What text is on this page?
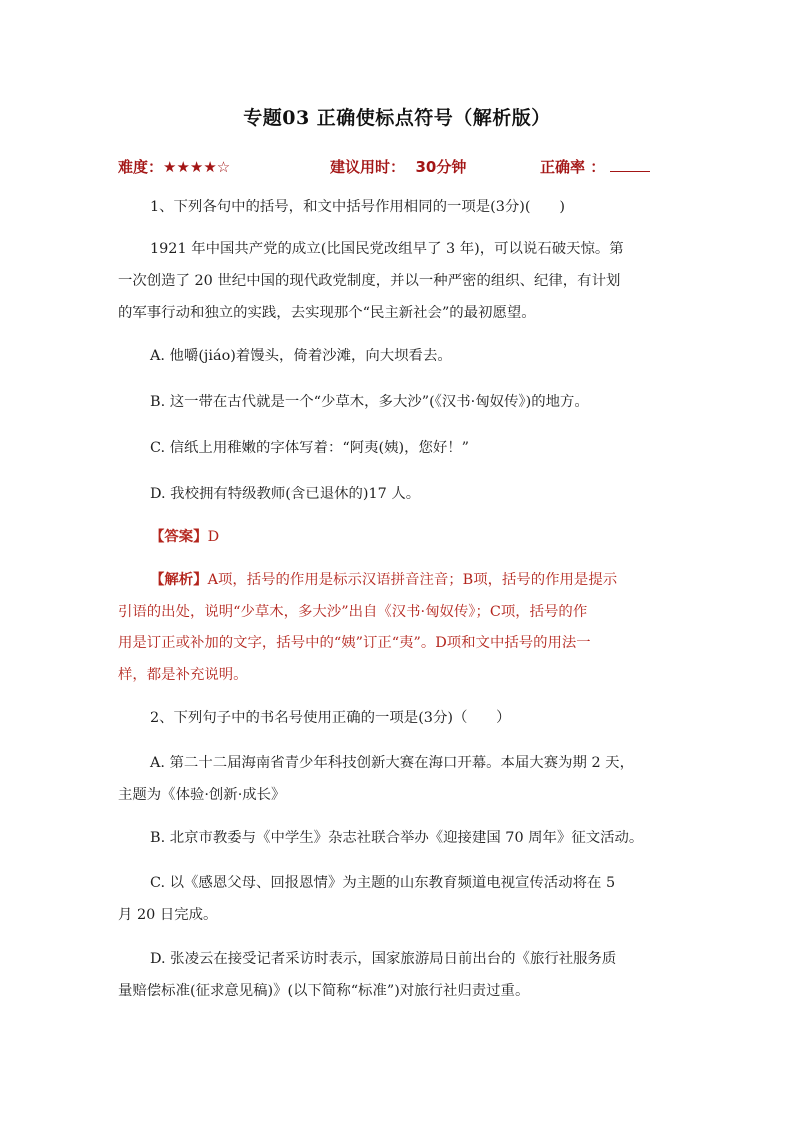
专题03 正确使标点符号（解析版）
难度：★★★★☆	建议用时： 30分钟	正确率 ：
1、下列各句中的括号，和文中括号作用相同的一项是(3分)(　　)
1921 年中国共产党的成立(比国民党改组早了 3 年)，可以说石破天惊。第
一次创造了 20 世纪中国的现代政党制度，并以一种严密的组织、纪律，有计划
的军事行动和独立的实践，去实现那个“民主新社会”的最初愿望。
A. 他嚼(jiáo)着馒头，倚着沙滩，向大坝看去。
B. 这一带在古代就是一个“少草木，多大沙”(《汉书·匈奴传》)的地方。
C. 信纸上用稚嫩的字体写着：“阿夷(姨)，您好！”
D. 我校拥有特级教师(含已退休的)17 人。
【答案】D
【解析】A项，括号的作用是标示汉语拼音注音；B项，括号的作用是提示
引语的出处，说明“少草木，多大沙”出自《汉书·匈奴传》；C项，括号的作
用是订正或补加的文字，括号中的“姨”订正“夷”。D项和文中括号的用法一
样，都是补充说明。
2、下列句子中的书名号使用正确的一项是(3分)（　　）
A. 第二十二届海南省青少年科技创新大赛在海口开幕。本届大赛为期 2 天，
主题为《体验·创新·成长》
B. 北京市教委与《中学生》杂志社联合举办《迎接建国 70 周年》征文活动。
C. 以《感恩父母、回报恩情》为主题的山东教育频道电视宣传活动将在 5
月 20 日完成。
D. 张凌云在接受记者采访时表示，国家旅游局日前出台的《旅行社服务质
量赔偿标准(征求意见稿)》(以下简称“标准”)对旅行社归责过重。
